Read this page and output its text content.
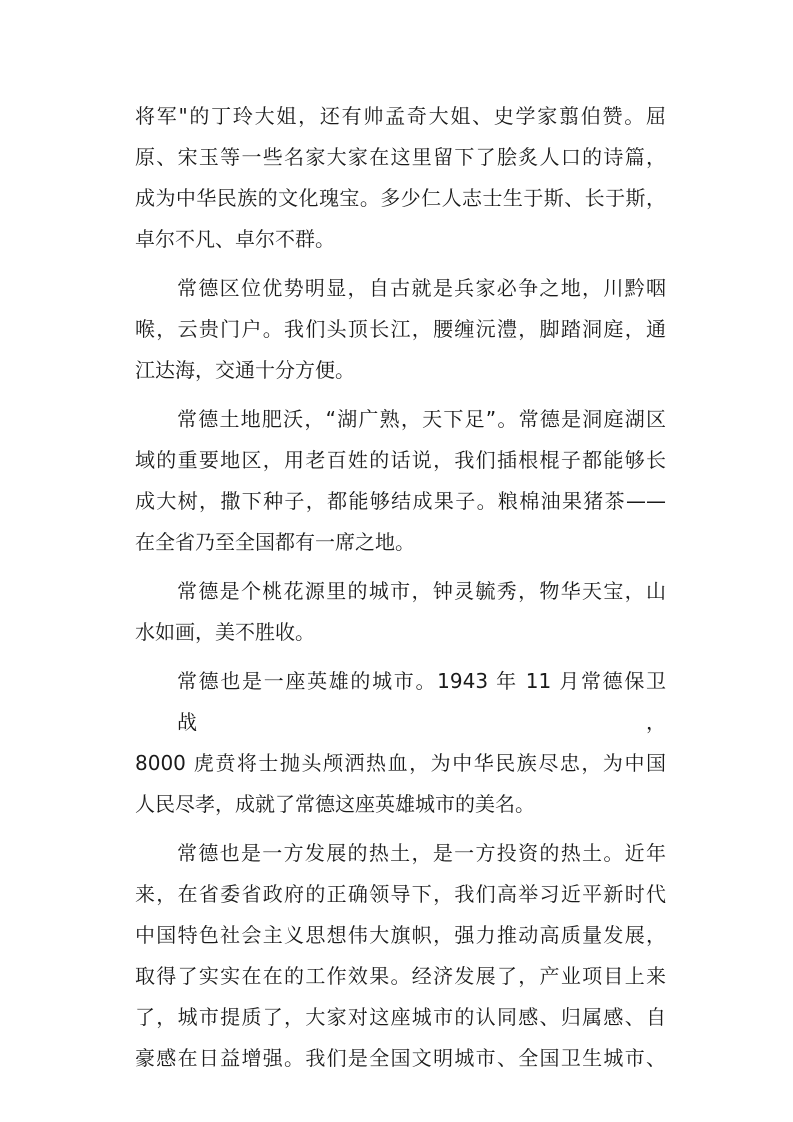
将军"的丁玲大姐，还有帅孟奇大姐、史学家翦伯赞。屈
原、宋玉等一些名家大家在这里留下了脍炙人口的诗篇，
成为中华民族的文化瑰宝。多少仁人志士生于斯、长于斯，
卓尔不凡、卓尔不群。
常德区位优势明显，自古就是兵家必争之地，川黔咽
喉，云贵门户。我们头顶长江，腰缠沅澧，脚踏洞庭，通
江达海，交通十分方便。
常德土地肥沃，“湖广熟，天下足”。常德是洞庭湖区
域的重要地区，用老百姓的话说，我们插根棍子都能够长
成大树，撒下种子，都能够结成果子。粮棉油果猪茶——
在全省乃至全国都有一席之地。
常德是个桃花源里的城市，钟灵毓秀，物华天宝，山
水如画，美不胜收。
常德也是一座英雄的城市。1943 年 11 月常德保卫战，
8000 虎贲将士抛头颅洒热血，为中华民族尽忠，为中国
人民尽孝，成就了常德这座英雄城市的美名。
常德也是一方发展的热土，是一方投资的热土。近年
来，在省委省政府的正确领导下，我们高举习近平新时代
中国特色社会主义思想伟大旗帜，强力推动高质量发展，
取得了实实在在的工作效果。经济发展了，产业项目上来
了，城市提质了，大家对这座城市的认同感、归属感、自
豪感在日益增强。我们是全国文明城市、全国卫生城市、
